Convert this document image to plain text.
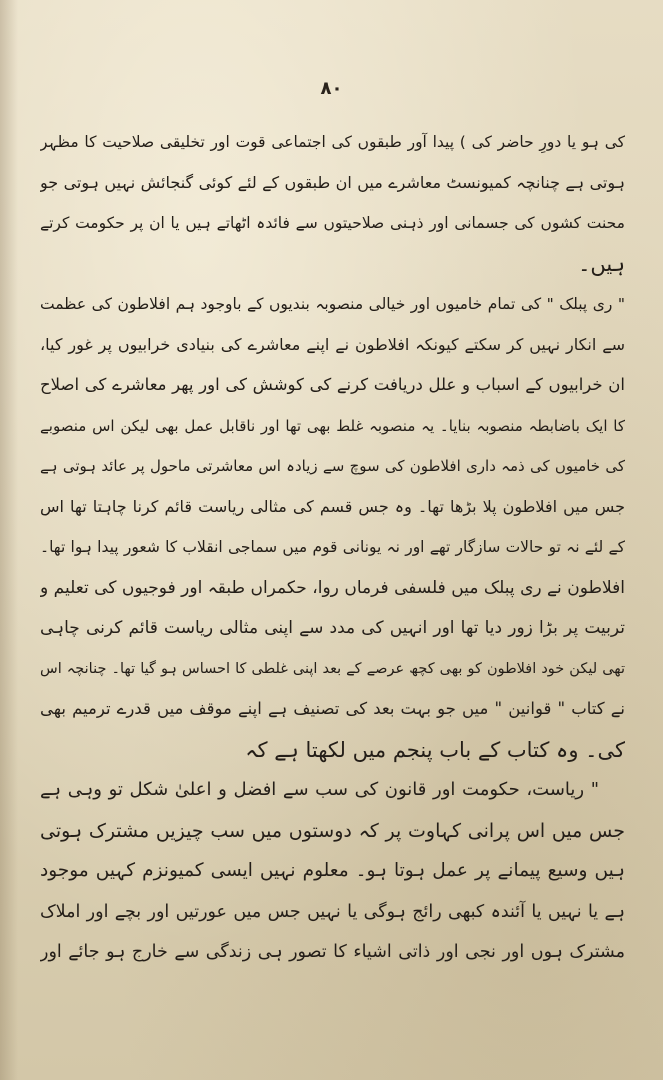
۸۰
کی ہو یا دورِ حاضر کی ) پیدا آور طبقوں کی اجتماعی قوت اور تخلیقی صلاحیت کا مظہر
ہوتی ہے چنانچہ کمیونسٹ معاشرے میں ان طبقوں کے لئے کوئی گنجائش نہیں ہوتی جو
محنت کشوں کی جسمانی اور ذہنی صلاحیتوں سے فائدہ اٹھاتے ہیں یا ان پر حکومت کرتے
ہیں۔
" ری پبلک " کی تمام خامیوں اور خیالی منصوبہ بندیوں کے باوجود ہم افلاطون کی عظمت
سے انکار نہیں کر سکتے کیونکہ افلاطون نے اپنے معاشرے کی بنیادی خرابیوں پر غور کیا،
ان خرابیوں کے اسباب و علل دریافت کرنے کی کوشش کی اور پھر معاشرے کی اصلاح
کا ایک باضابطہ منصوبہ بنایا۔ یہ منصوبہ غلط بھی تھا اور ناقابل عمل بھی لیکن اس منصوبے
کی خامیوں کی ذمہ داری افلاطون کی سوچ سے زیادہ اس معاشرتی ماحول پر عائد ہوتی ہے
جس میں افلاطون پلا بڑھا تھا۔ وہ جس قسم کی مثالی ریاست قائم کرنا چاہتا تھا اس
کے لئے نہ تو حالات سازگار تھے اور نہ یونانی قوم میں سماجی انقلاب کا شعور پیدا ہوا تھا۔
افلاطون نے ری پبلک میں فلسفی فرماں روا، حکمراں طبقہ اور فوجیوں کی تعلیم و
تربیت پر بڑا زور دیا تھا اور انہیں کی مدد سے اپنی مثالی ریاست قائم کرنی چاہی
تھی لیکن خود افلاطون کو بھی کچھ عرصے کے بعد اپنی غلطی کا احساس ہو گیا تھا۔ چنانچہ اس
نے کتاب " قوانین " میں جو بہت بعد کی تصنیف ہے اپنے موقف میں قدرے ترمیم بھی
کی۔ وہ کتاب کے باب پنجم میں لکھتا ہے کہ
" ریاست، حکومت اور قانون کی سب سے افضل و اعلیٰ شکل تو وہی ہے
جس میں اس پرانی کہاوت پر کہ دوستوں میں سب چیزیں مشترک ہوتی
ہیں وسیع پیمانے پر عمل ہوتا ہو۔ معلوم نہیں ایسی کمیونزم کہیں موجود
ہے یا نہیں یا آئندہ کبھی رائج ہوگی یا نہیں جس میں عورتیں اور بچے اور املاک
مشترک ہوں اور نجی اور ذاتی اشیاء کا تصور ہی زندگی سے خارج ہو جائے اور
